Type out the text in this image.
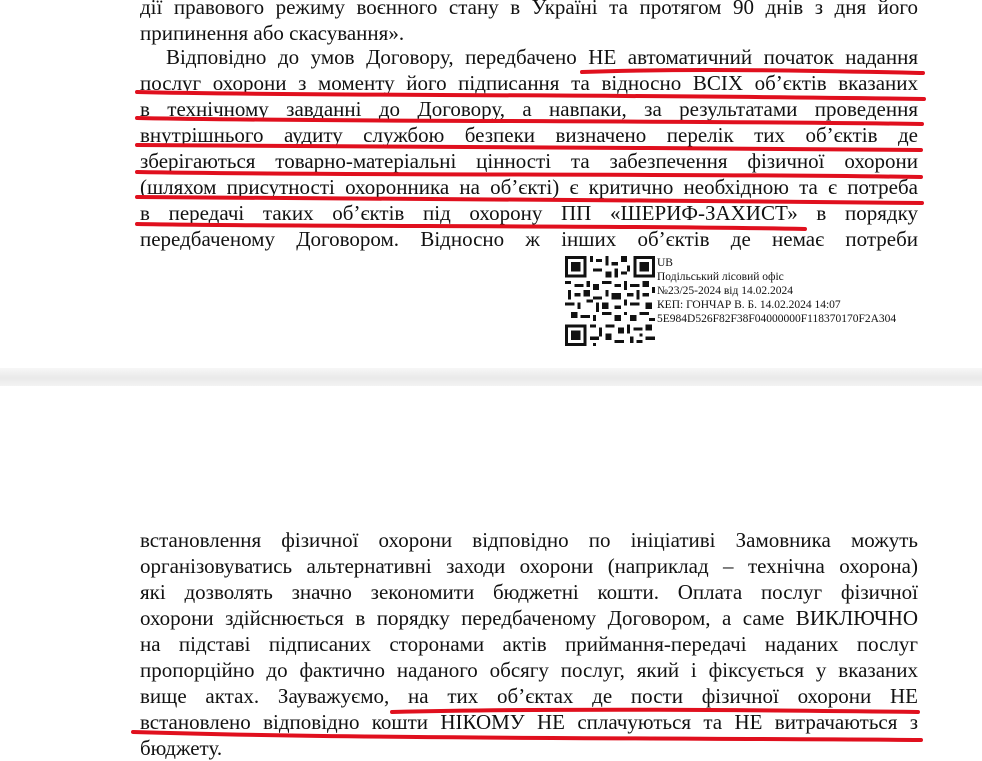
дії правового режиму воєнного стану в Україні та протягом 90 днів з дня його
припинення або скасування».
Відповідно до умов Договору, передбачено НЕ автоматичний початок надання
послуг охорони з моменту його підписання та відносно ВСІХ об’єктів вказаних
в технічному завданні до Договору, а навпаки, за результатами проведення
внутрішнього аудиту службою безпеки визначено перелік тих об’єктів де
зберігаються товарно-матеріальні цінності та забезпечення фізичної охорони
(шляхом присутності охоронника на об’єкті) є критично необхідною та є потреба
в передачі таких об’єктів під охорону ПП «ШЕРИФ-ЗАХИСТ» в порядку
передбаченому Договором. Відносно ж інших об’єктів де немає потреби
UB
Подільський лісовий офіс
№23/25-2024 від 14.02.2024
КЕП: ГОНЧАР В. Б. 14.02.2024 14:07
5E984D526F82F38F04000000F118370170F2A304
встановлення фізичної охорони відповідно по ініціативі Замовника можуть
організовуватись альтернативні заходи охорони (наприклад – технічна охорона)
які дозволять значно зекономити бюджетні кошти. Оплата послуг фізичної
охорони здійснюється в порядку передбаченому Договором, а саме ВИКЛЮЧНО
на підставі підписаних сторонами актів приймання-передачі наданих послуг
пропорційно до фактично наданого обсягу послуг, який і фіксується у вказаних
вище актах. Зауважуємо, на тих об’єктах де пости фізичної охорони НЕ
встановлено відповідно кошти НІКОМУ НЕ сплачуються та НЕ витрачаються з
бюджету.
